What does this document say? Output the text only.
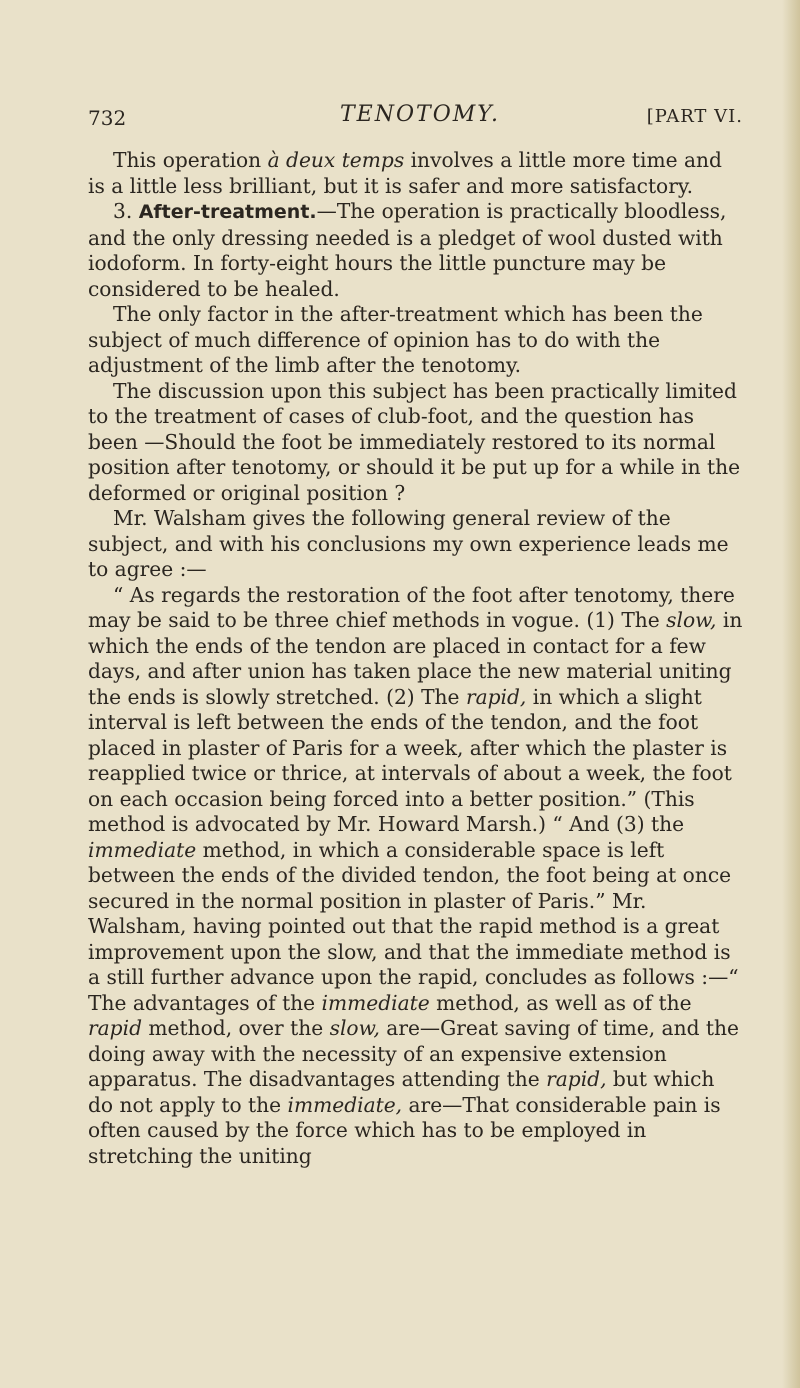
732	TENOTOMY.	[PART VI.

This operation à deux temps involves a little more time and is a little less brilliant, but it is safer and more satisfactory.

3. After-treatment.—The operation is practically bloodless, and the only dressing needed is a pledget of wool dusted with iodoform. In forty-eight hours the little puncture may be considered to be healed.

The only factor in the after-treatment which has been the subject of much difference of opinion has to do with the adjustment of the limb after the tenotomy.

The discussion upon this subject has been practically limited to the treatment of cases of club-foot, and the question has been —Should the foot be immediately restored to its normal position after tenotomy, or should it be put up for a while in the deformed or original position ?

Mr. Walsham gives the following general review of the subject, and with his conclusions my own experience leads me to agree :—

“ As regards the restoration of the foot after tenotomy, there may be said to be three chief methods in vogue. (1) The slow, in which the ends of the tendon are placed in contact for a few days, and after union has taken place the new material uniting the ends is slowly stretched. (2) The rapid, in which a slight interval is left between the ends of the tendon, and the foot placed in plaster of Paris for a week, after which the plaster is reapplied twice or thrice, at intervals of about a week, the foot on each occasion being forced into a better position.” (This method is advocated by Mr. Howard Marsh.) “ And (3) the immediate method, in which a considerable space is left between the ends of the divided tendon, the foot being at once secured in the normal position in plaster of Paris.” Mr. Walsham, having pointed out that the rapid method is a great improvement upon the slow, and that the immediate method is a still further advance upon the rapid, concludes as follows :—“ The advantages of the immediate method, as well as of the rapid method, over the slow, are—Great saving of time, and the doing away with the necessity of an expensive extension apparatus. The disadvantages attending the rapid, but which do not apply to the immediate, are—That considerable pain is often caused by the force which has to be employed in stretching the uniting
